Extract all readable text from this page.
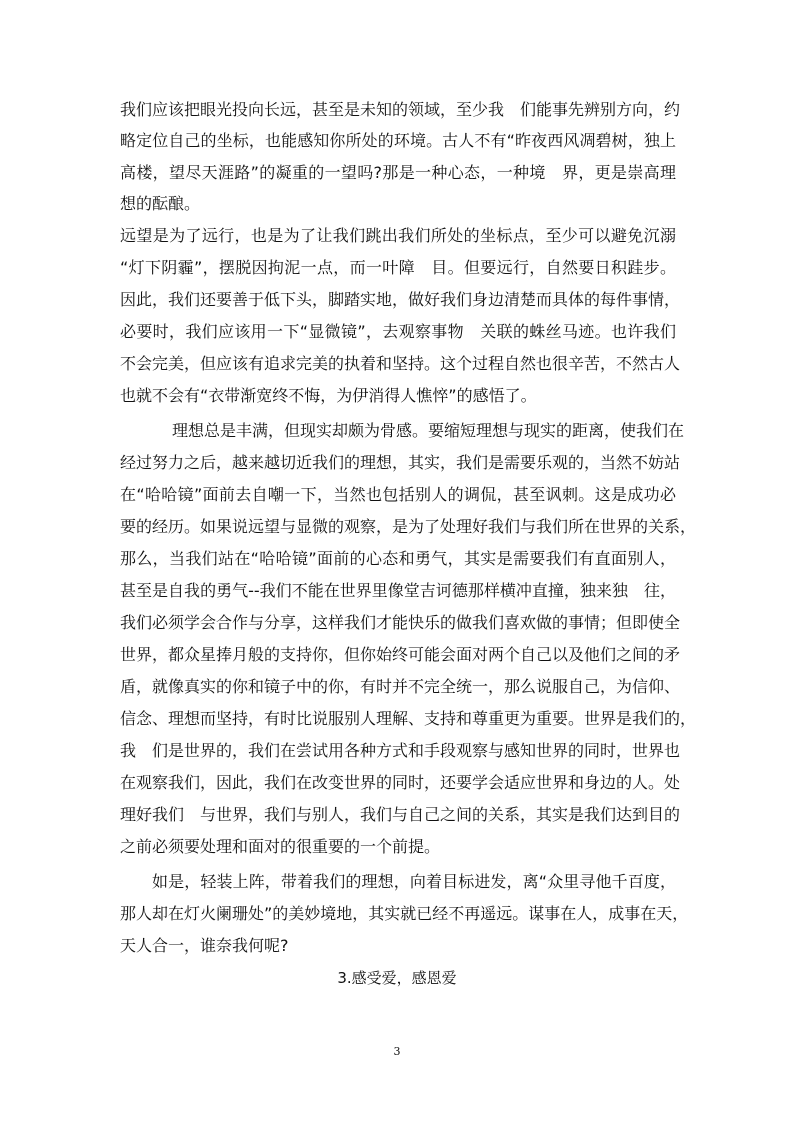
我们应该把眼光投向长远，甚至是未知的领域，至少我　们能事先辨别方向，约
略定位自己的坐标，也能感知你所处的环境。古人不有“昨夜西风凋碧树，独上
高楼，望尽天涯路”的凝重的一望吗?那是一种心态，一种境　界，更是崇高理
想的酝酿。
远望是为了远行，也是为了让我们跳出我们所处的坐标点，至少可以避免沉溺
“灯下阴霾”，摆脱因拘泥一点，而一叶障　目。但要远行，自然要日积跬步。
因此，我们还要善于低下头，脚踏实地，做好我们身边清楚而具体的每件事情，
必要时，我们应该用一下“显微镜”，去观察事物　关联的蛛丝马迹。也许我们
不会完美，但应该有追求完美的执着和坚持。这个过程自然也很辛苦，不然古人
也就不会有“衣带渐宽终不悔，为伊消得人憔悴”的感悟了。
理想总是丰满，但现实却颇为骨感。要缩短理想与现实的距离，使我们在
经过努力之后，越来越切近我们的理想，其实，我们是需要乐观的，当然不妨站
在“哈哈镜”面前去自嘲一下，当然也包括别人的调侃，甚至讽刺。这是成功必
要的经历。如果说远望与显微的观察，是为了处理好我们与我们所在世界的关系，
那么，当我们站在“哈哈镜”面前的心态和勇气，其实是需要我们有直面别人，
甚至是自我的勇气--我们不能在世界里像堂吉诃德那样横冲直撞，独来独　往，
我们必须学会合作与分享，这样我们才能快乐的做我们喜欢做的事情；但即使全
世界，都众星捧月般的支持你，但你始终可能会面对两个自己以及他们之间的矛
盾，就像真实的你和镜子中的你，有时并不完全统一，那么说服自己，为信仰、
信念、理想而坚持，有时比说服别人理解、支持和尊重更为重要。世界是我们的，
我　们是世界的，我们在尝试用各种方式和手段观察与感知世界的同时，世界也
在观察我们，因此，我们在改变世界的同时，还要学会适应世界和身边的人。处
理好我们　与世界，我们与别人，我们与自己之间的关系，其实是我们达到目的
之前必须要处理和面对的很重要的一个前提。
如是，轻装上阵，带着我们的理想，向着目标进发，离“众里寻他千百度，
那人却在灯火阑珊处”的美妙境地，其实就已经不再遥远。谋事在人，成事在天，
天人合一，谁奈我何呢?
3.感受爱，感恩爱
3
